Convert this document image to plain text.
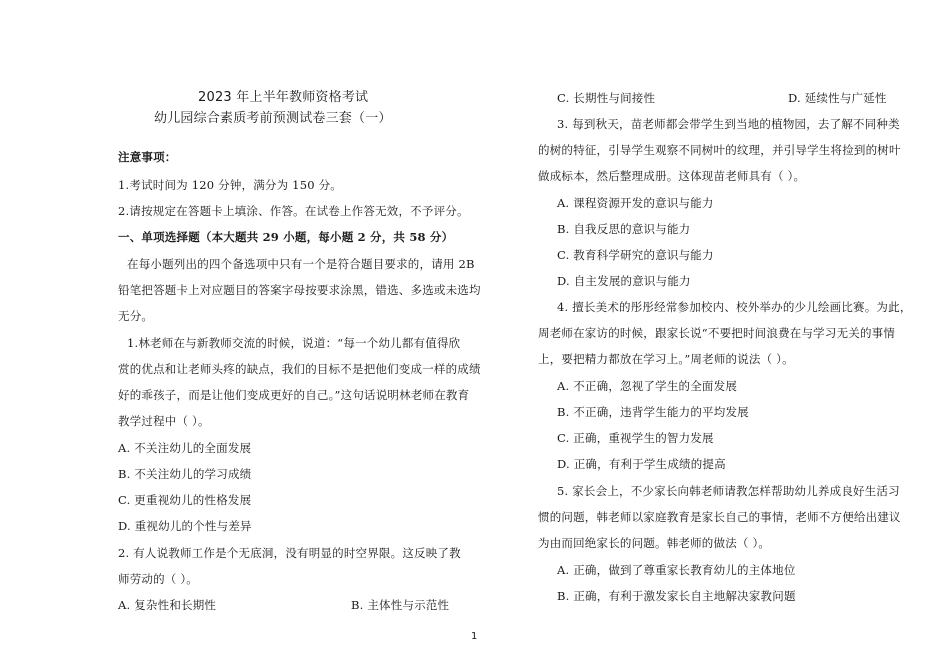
2023 年上半年教师资格考试
幼儿园综合素质考前预测试卷三套（一）
注意事项：
1.考试时间为 120 分钟，满分为 150 分。
2.请按规定在答题卡上填涂、作答。在试卷上作答无效，不予评分。
一、单项选择题（本大题共 29 小题，每小题 2 分，共 58 分）
在每小题列出的四个备选项中只有一个是符合题目要求的，请用 2B
铅笔把答题卡上对应题目的答案字母按要求涂黑，错选、多选或未选均
无分。
1.林老师在与新教师交流的时候，说道：“每一个幼儿都有值得欣
赏的优点和让老师头疼的缺点，我们的目标不是把他们变成一样的成绩
好的乖孩子，而是让他们变成更好的自己。”这句话说明林老师在教育
教学过程中（ ）。
A. 不关注幼儿的全面发展
B. 不关注幼儿的学习成绩
C. 更重视幼儿的性格发展
D. 重视幼儿的个性与差异
2. 有人说教师工作是个无底洞，没有明显的时空界限。这反映了教
师劳动的（ ）。
A. 复杂性和长期性	B. 主体性与示范性
C. 长期性与间接性	D. 延续性与广延性
3. 每到秋天，苗老师都会带学生到当地的植物园，去了解不同种类
的树的特征，引导学生观察不同树叶的纹理，并引导学生将捡到的树叶
做成标本，然后整理成册。这体现苗老师具有（ ）。
A. 课程资源开发的意识与能力
B. 自我反思的意识与能力
C. 教育科学研究的意识与能力
D. 自主发展的意识与能力
4. 擅长美术的彤彤经常参加校内、校外举办的少儿绘画比赛。为此，
周老师在家访的时候，跟家长说“不要把时间浪费在与学习无关的事情
上，要把精力都放在学习上。”周老师的说法（ ）。
A. 不正确，忽视了学生的全面发展
B. 不正确，违背学生能力的平均发展
C. 正确，重视学生的智力发展
D. 正确，有利于学生成绩的提高
5. 家长会上，不少家长向韩老师请教怎样帮助幼儿养成良好生活习
惯的问题，韩老师以家庭教育是家长自己的事情，老师不方便给出建议
为由而回绝家长的问题。韩老师的做法（ ）。
A. 正确，做到了尊重家长教育幼儿的主体地位
B. 正确，有利于激发家长自主地解决家教问题
1
